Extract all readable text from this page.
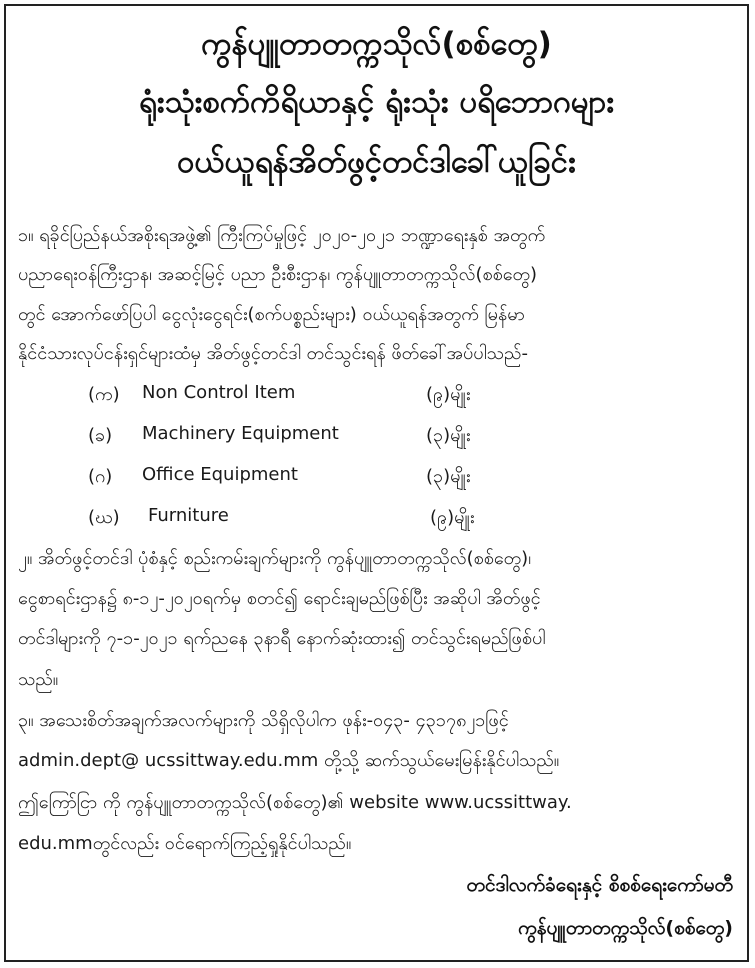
ကွန်ပျူတာတက္ကသိုလ်(စစ်တွေ)
ရုံးသုံးစက်ကိရိယာနှင့် ရုံးသုံး ပရိဘောဂများ
ဝယ်ယူရန်အိတ်ဖွင့်တင်ဒါခေါ်ယူခြင်း
၁။ ရခိုင်ပြည်နယ်အစိုးရအဖွဲ့၏ ကြီးကြပ်မှုဖြင့် ၂၀၂၀-၂၀၂၁ ဘဏ္ဍာရေးနှစ် အတွက်
ပညာရေးဝန်ကြီးဌာန၊ အဆင့်မြင့် ပညာ ဦးစီးဌာန၊ ကွန်ပျူတာတက္ကသိုလ်(စစ်တွေ)
တွင် အောက်ဖော်ပြပါ ငွေလုံးငွေရင်း(စက်ပစ္စည်းများ) ဝယ်ယူရန်အတွက် မြန်မာ
နိုင်ငံသားလုပ်ငန်းရှင်များထံမှ အိတ်ဖွင့်တင်ဒါ တင်သွင်းရန် ဖိတ်ခေါ်အပ်ပါသည်-
(က) Non Control Item	(၉)မျိုး
(ခ) Machinery Equipment	(၃)မျိုး
(ဂ) Office Equipment	(၃)မျိုး
(ဃ) Furniture	(၉)မျိုး
၂။ အိတ်ဖွင့်တင်ဒါ ပုံစံနှင့် စည်းကမ်းချက်များကို ကွန်ပျူတာတက္ကသိုလ်(စစ်တွေ)၊
ငွေစာရင်းဌာန၌ ၈-၁၂-၂၀၂၀ရက်မှ စတင်၍ ရောင်းချမည်ဖြစ်ပြီး အဆိုပါ အိတ်ဖွင့်
တင်ဒါများကို ၇-၁-၂၀၂၁ ရက်ညနေ ၃နာရီ နောက်ဆုံးထား၍ တင်သွင်းရမည်ဖြစ်ပါ
သည်။
၃။ အသေးစိတ်အချက်အလက်များကို သိရှိလိုပါက ဖုန်း-၀၄၃- ၄၃၁၇၈၂၁ဖြင့်
admin.dept@ ucssittway.edu.mm တို့သို့ ဆက်သွယ်မေးမြန်းနိုင်ပါသည်။
ဤကြော်ငြာ ကို ကွန်ပျူတာတက္ကသိုလ်(စစ်တွေ)၏ website www.ucssittway.
edu.mmတွင်လည်း ဝင်ရောက်ကြည့်ရှုနိုင်ပါသည်။
တင်ဒါလက်ခံရေးနှင့် စိစစ်ရေးကော်မတီ
ကွန်ပျူတာတက္ကသိုလ်(စစ်တွေ)
